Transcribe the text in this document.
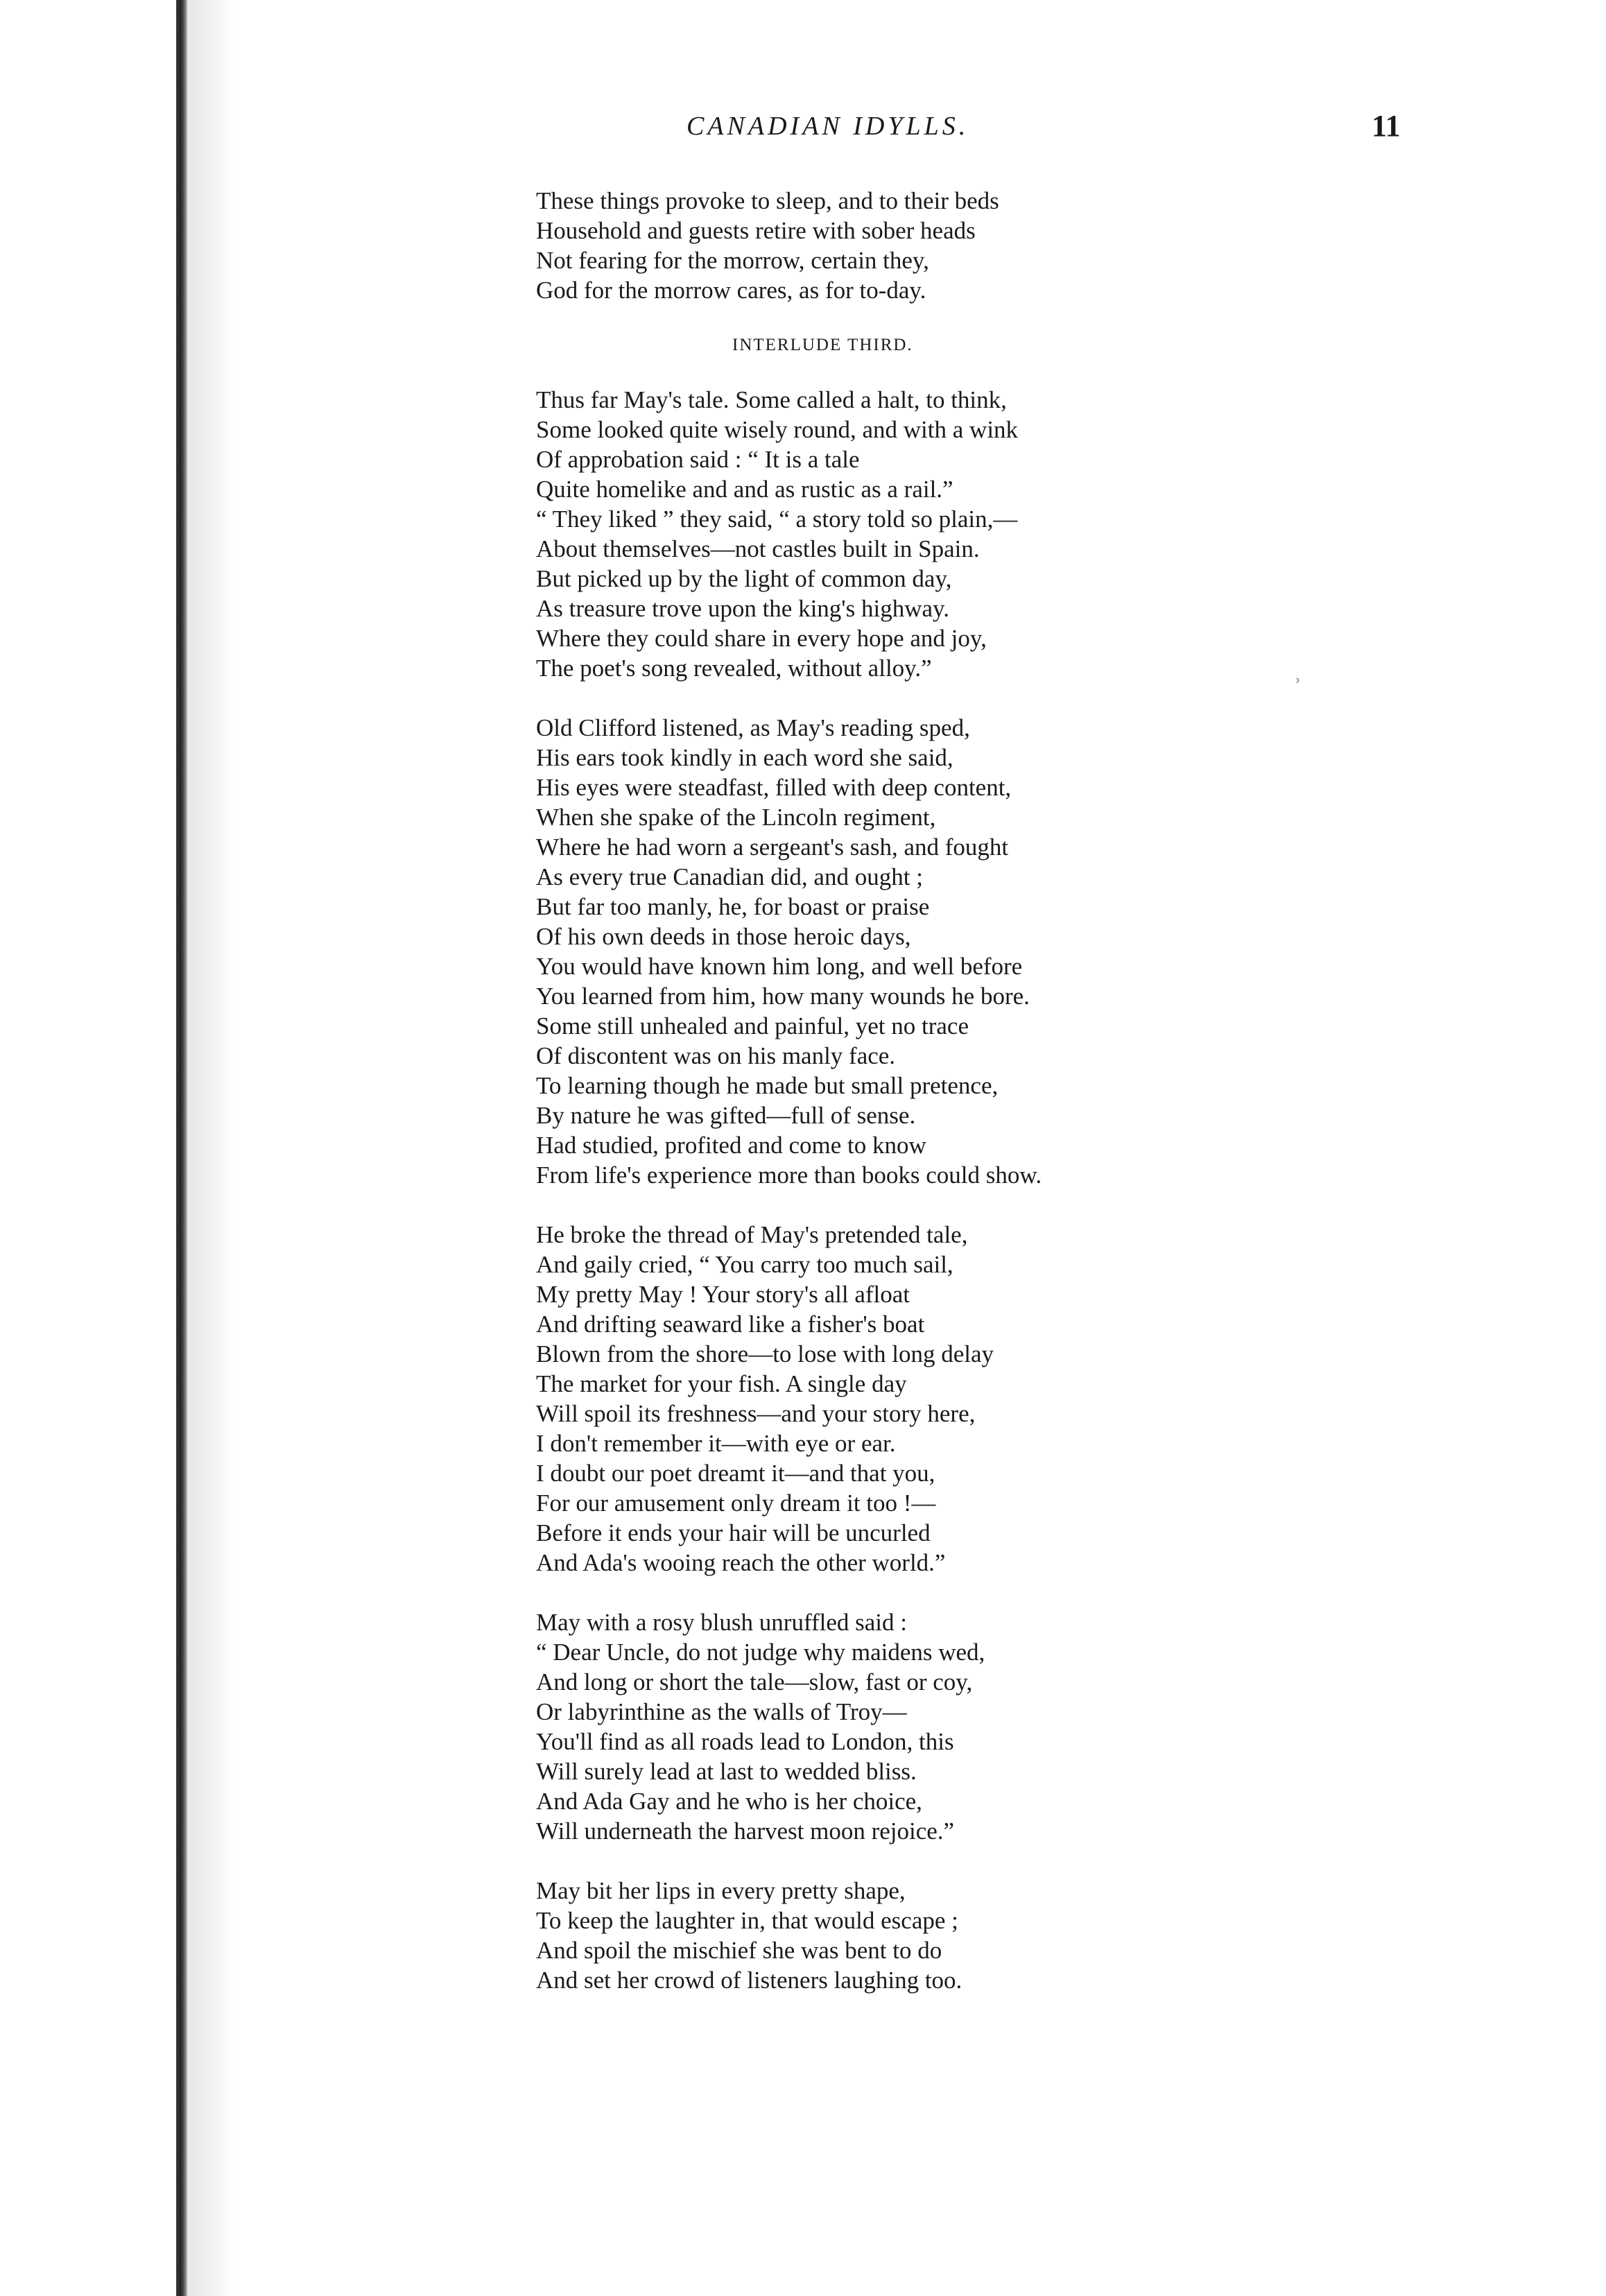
CANADIAN IDYLLS.	11
ʾ
These things provoke to sleep, and to their beds
Household and guests retire with sober heads
Not fearing for the morrow, certain they,
God for the morrow cares, as for to-day.
INTERLUDE THIRD.
Thus far May's tale. Some called a halt, to think,
Some looked quite wisely round, and with a wink
Of approbation said : “ It is a tale
Quite homelike and and as rustic as a rail.”
“ They liked ” they said, “ a story told so plain,—
About themselves—not castles built in Spain.
But picked up by the light of common day,
As treasure trove upon the king's highway.
Where they could share in every hope and joy,
The poet's song revealed, without alloy.”
Old Clifford listened, as May's reading sped,
His ears took kindly in each word she said,
His eyes were steadfast, filled with deep content,
When she spake of the Lincoln regiment,
Where he had worn a sergeant's sash, and fought
As every true Canadian did, and ought ;
But far too manly, he, for boast or praise
Of his own deeds in those heroic days,
You would have known him long, and well before
You learned from him, how many wounds he bore.
Some still unhealed and painful, yet no trace
Of discontent was on his manly face.
To learning though he made but small pretence,
By nature he was gifted—full of sense.
Had studied, profited and come to know
From life's experience more than books could show.
He broke the thread of May's pretended tale,
And gaily cried, “ You carry too much sail,
My pretty May ! Your story's all afloat
And drifting seaward like a fisher's boat
Blown from the shore—to lose with long delay
The market for your fish. A single day
Will spoil its freshness—and your story here,
I don't remember it—with eye or ear.
I doubt our poet dreamt it—and that you,
For our amusement only dream it too !—
Before it ends your hair will be uncurled
And Ada's wooing reach the other world.”
May with a rosy blush unruffled said :
“ Dear Uncle, do not judge why maidens wed,
And long or short the tale—slow, fast or coy,
Or labyrinthine as the walls of Troy—
You'll find as all roads lead to London, this
Will surely lead at last to wedded bliss.
And Ada Gay and he who is her choice,
Will underneath the harvest moon rejoice.”
May bit her lips in every pretty shape,
To keep the laughter in, that would escape ;
And spoil the mischief she was bent to do
And set her crowd of listeners laughing too.
